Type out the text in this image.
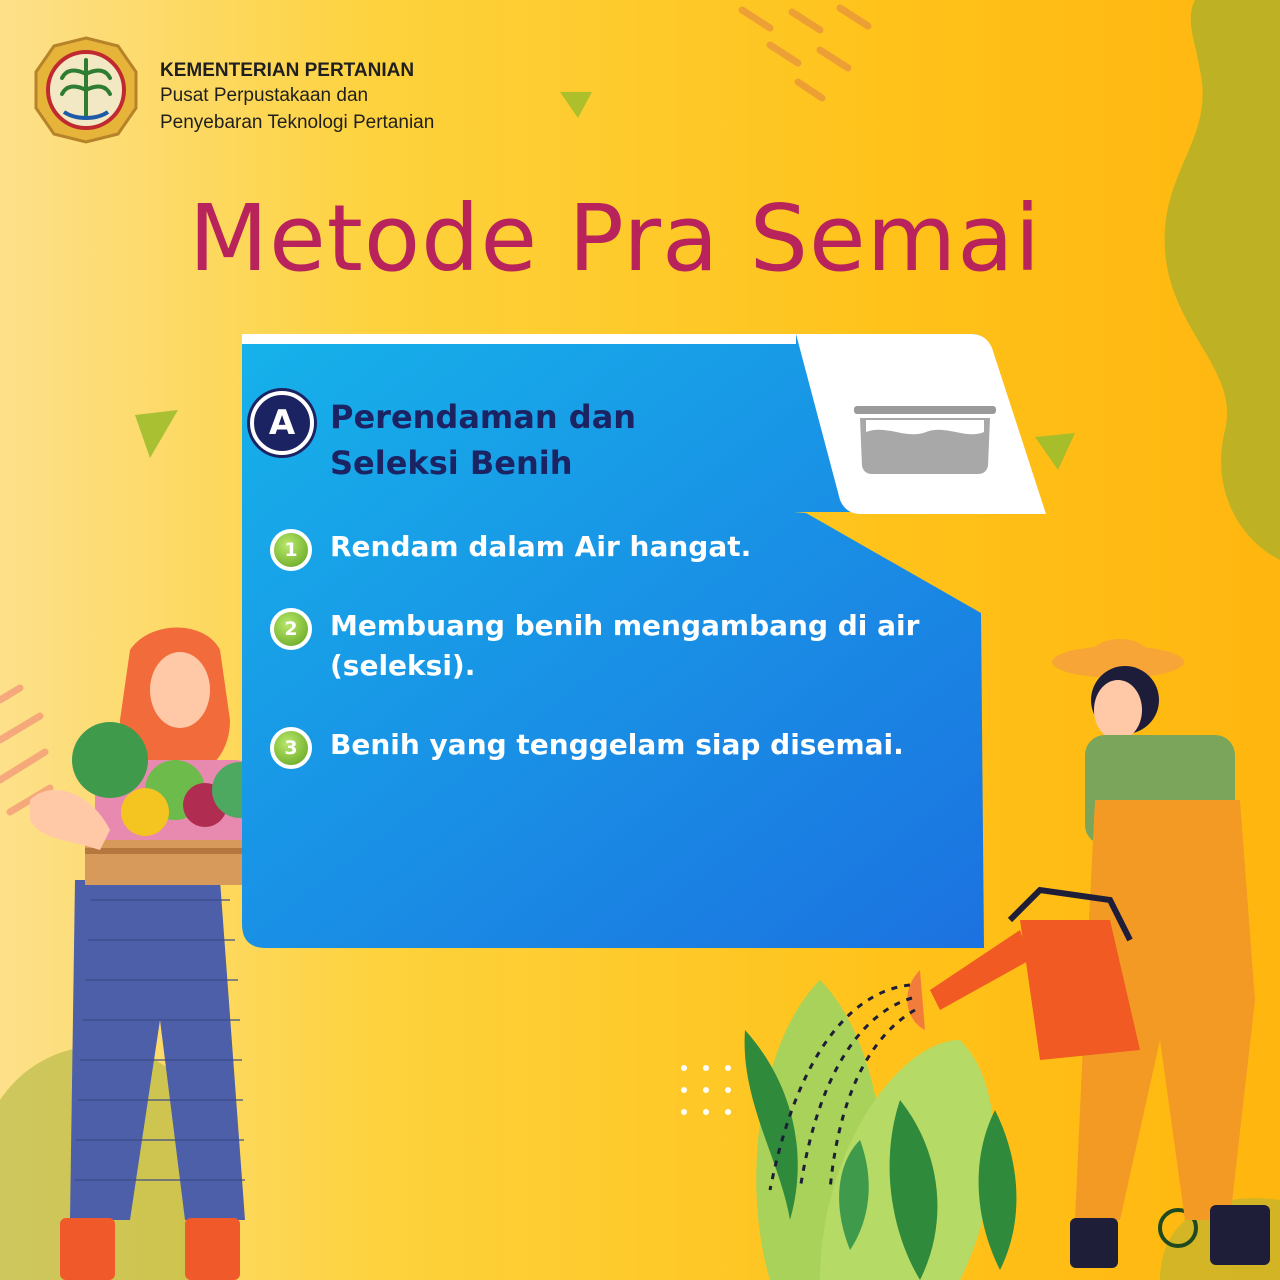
KEMENTERIAN PERTANIAN
Pusat Perpustakaan dan
Penyebaran Teknologi Pertanian
Metode Pra Semai
A	Perendaman dan
Seleksi Benih
1	Rendam dalam Air hangat.
2	Membuang benih mengambang di air (seleksi).
3	Benih yang tenggelam siap disemai.
